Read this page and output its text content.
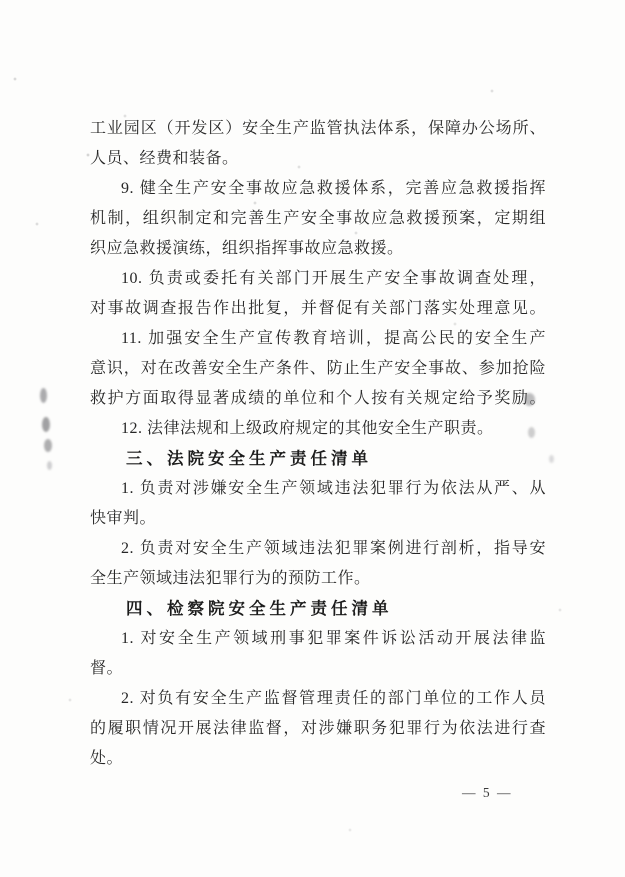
工业园区（开发区）安全生产监管执法体系，保障办公场所、
人员、经费和装备。
9. 健全生产安全事故应急救援体系，完善应急救援指挥
机制，组织制定和完善生产安全事故应急救援预案，定期组
织应急救援演练，组织指挥事故应急救援。
10. 负责或委托有关部门开展生产安全事故调查处理，
对事故调查报告作出批复，并督促有关部门落实处理意见。
11. 加强安全生产宣传教育培训，提高公民的安全生产
意识，对在改善安全生产条件、防止生产安全事故、参加抢险
救护方面取得显著成绩的单位和个人按有关规定给予奖励。
12. 法律法规和上级政府规定的其他安全生产职责。
三、法院安全生产责任清单
1. 负责对涉嫌安全生产领域违法犯罪行为依法从严、从
快审判。
2. 负责对安全生产领域违法犯罪案例进行剖析，指导安
全生产领域违法犯罪行为的预防工作。
四、检察院安全生产责任清单
1. 对安全生产领域刑事犯罪案件诉讼活动开展法律监
督。
2. 对负有安全生产监督管理责任的部门单位的工作人员
的履职情况开展法律监督，对涉嫌职务犯罪行为依法进行查
处。
— 5 —
